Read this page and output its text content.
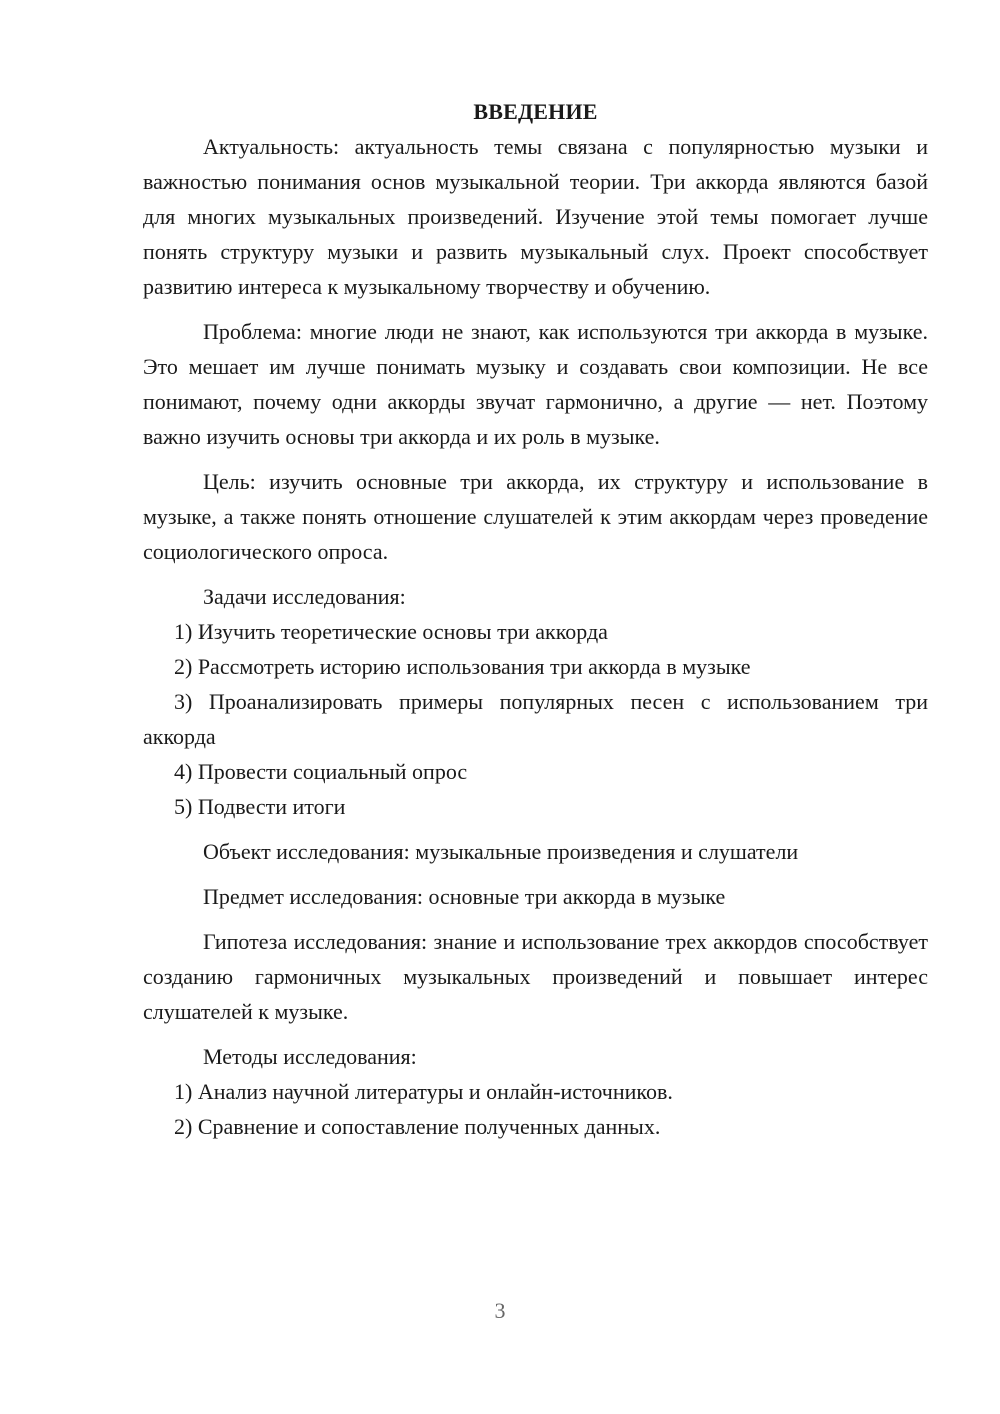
ВВЕДЕНИЕ

Актуальность: актуальность темы связана с популярностью музыки и важностью понимания основ музыкальной теории. Три аккорда являются базой для многих музыкальных произведений. Изучение этой темы помогает лучше понять структуру музыки и развить музыкальный слух. Проект способствует развитию интереса к музыкальному творчеству и обучению.

Проблема: многие люди не знают, как используются три аккорда в музыке. Это мешает им лучше понимать музыку и создавать свои композиции. Не все понимают, почему одни аккорды звучат гармонично, а другие — нет. Поэтому важно изучить основы три аккорда и их роль в музыке.

Цель: изучить основные три аккорда, их структуру и использование в музыке, а также понять отношение слушателей к этим аккордам через проведение социологического опроса.

Задачи исследования:

1) Изучить теоретические основы три аккорда

2) Рассмотреть историю использования три аккорда в музыке

3) Проанализировать примеры популярных песен с использованием три аккорда

4) Провести социальный опрос

5) Подвести итоги

Объект исследования: музыкальные произведения и слушатели

Предмет исследования: основные три аккорда в музыке

Гипотеза исследования: знание и использование трех аккордов способствует созданию гармоничных музыкальных произведений и повышает интерес слушателей к музыке.

Методы исследования:

1) Анализ научной литературы и онлайн-источников.

2) Сравнение и сопоставление полученных данных.

3
